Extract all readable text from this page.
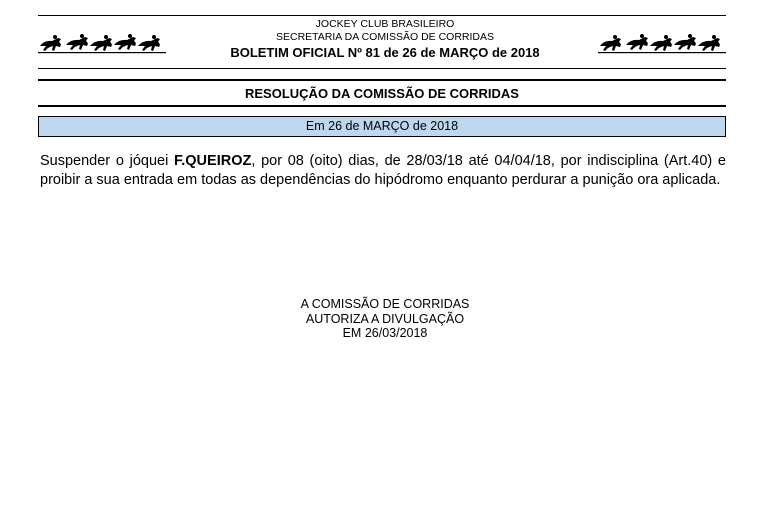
JOCKEY CLUB BRASILEIRO
SECRETARIA DA COMISSÃO DE CORRIDAS
BOLETIM OFICIAL Nº 81 de 26 de MARÇO de 2018
RESOLUÇÃO DA COMISSÃO DE CORRIDAS
Em 26 de MARÇO de 2018
Suspender o jóquei F.QUEIROZ, por 08 (oito) dias, de 28/03/18 até 04/04/18, por indisciplina (Art.40) e proibir a sua entrada em todas as dependências do hipódromo enquanto perdurar a punição ora aplicada.
A COMISSÃO DE CORRIDAS
AUTORIZA A DIVULGAÇÃO
EM 26/03/2018
